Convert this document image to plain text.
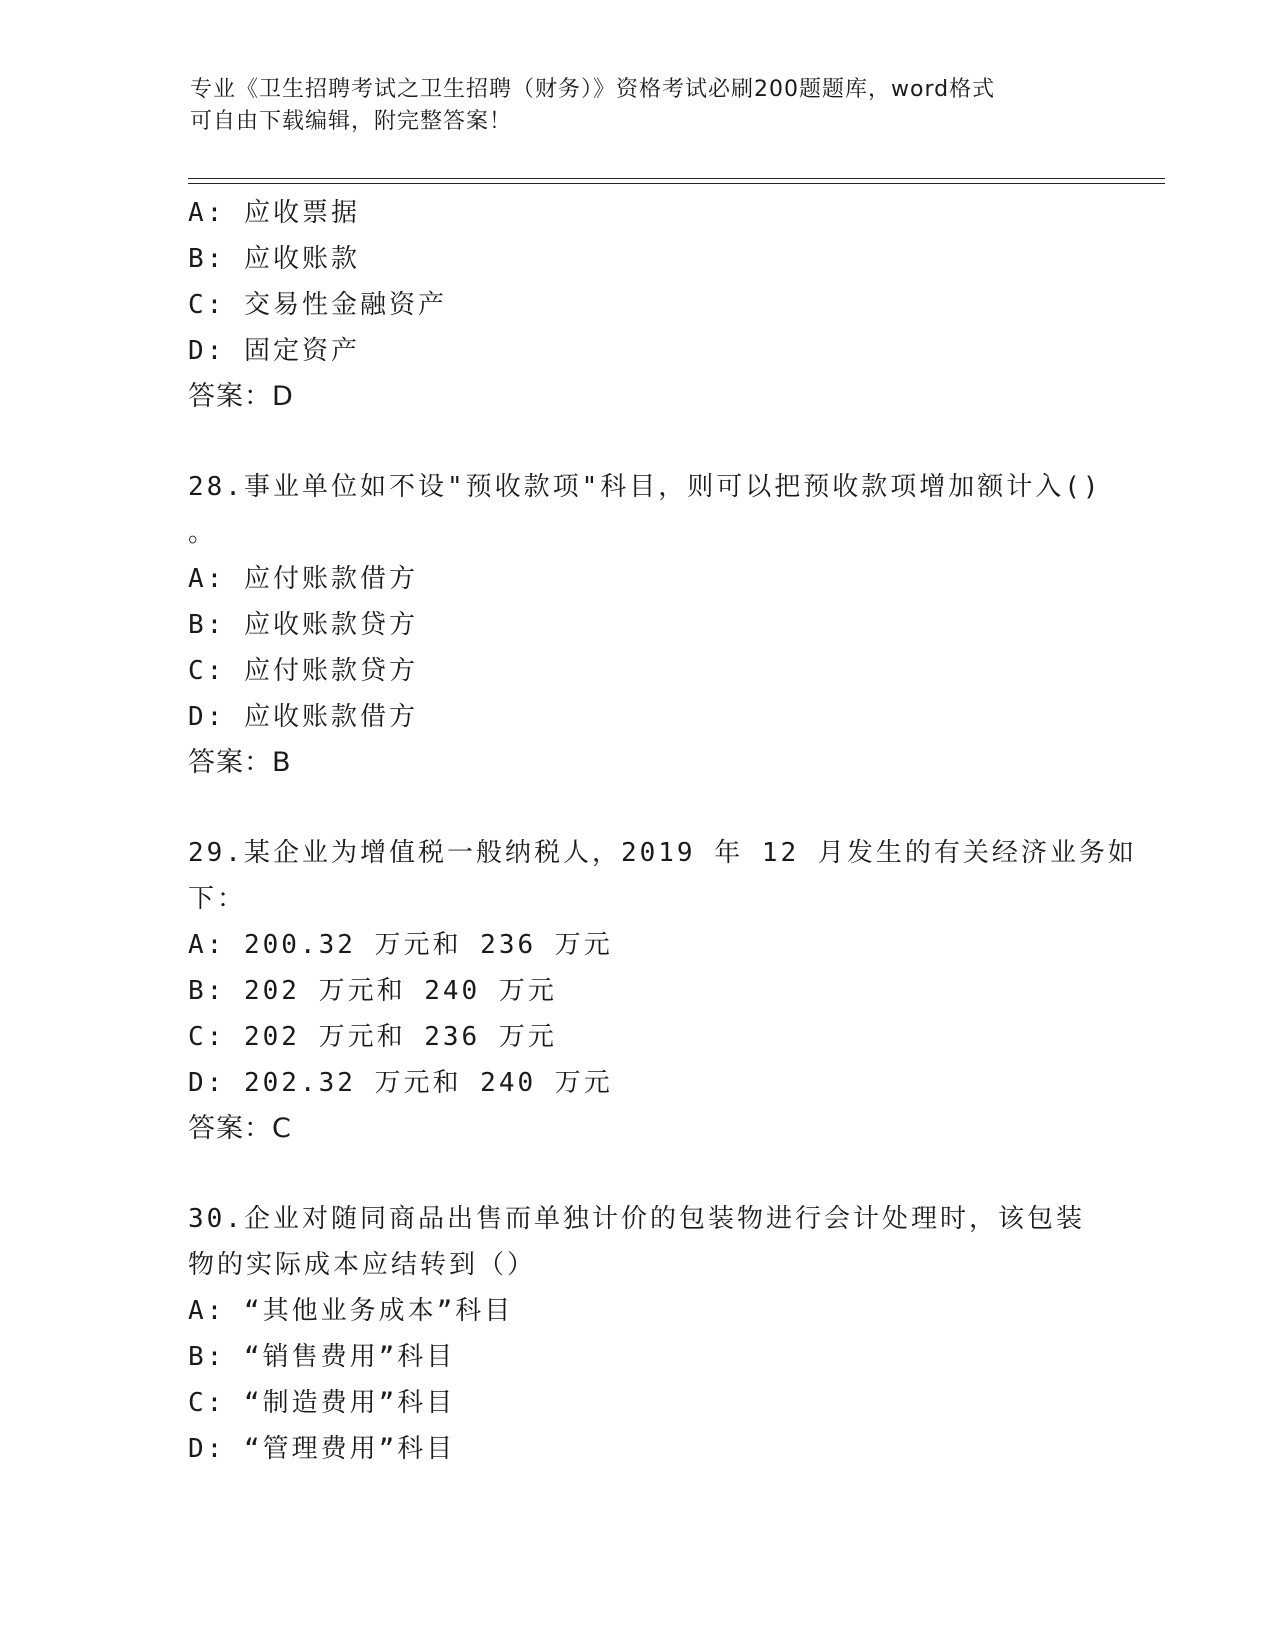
专业《卫生招聘考试之卫生招聘（财务）》资格考试必刷200题题库，word格式
可自由下载编辑，附完整答案！
A: 应收票据
B: 应收账款
C: 交易性金融资产
D: 固定资产
答案：D
28.事业单位如不设"预收款项"科目，则可以把预收款项增加额计入()
。
A: 应付账款借方
B: 应收账款贷方
C: 应付账款贷方
D: 应收账款借方
答案：B
29.某企业为增值税一般纳税人，2019 年 12 月发生的有关经济业务如
下：
A: 200.32 万元和 236 万元
B: 202 万元和 240 万元
C: 202 万元和 236 万元
D: 202.32 万元和 240 万元
答案：C
30.企业对随同商品出售而单独计价的包装物进行会计处理时，该包装
物的实际成本应结转到（）
A: “其他业务成本”科目
B: “销售费用”科目
C: “制造费用”科目
D: “管理费用”科目
